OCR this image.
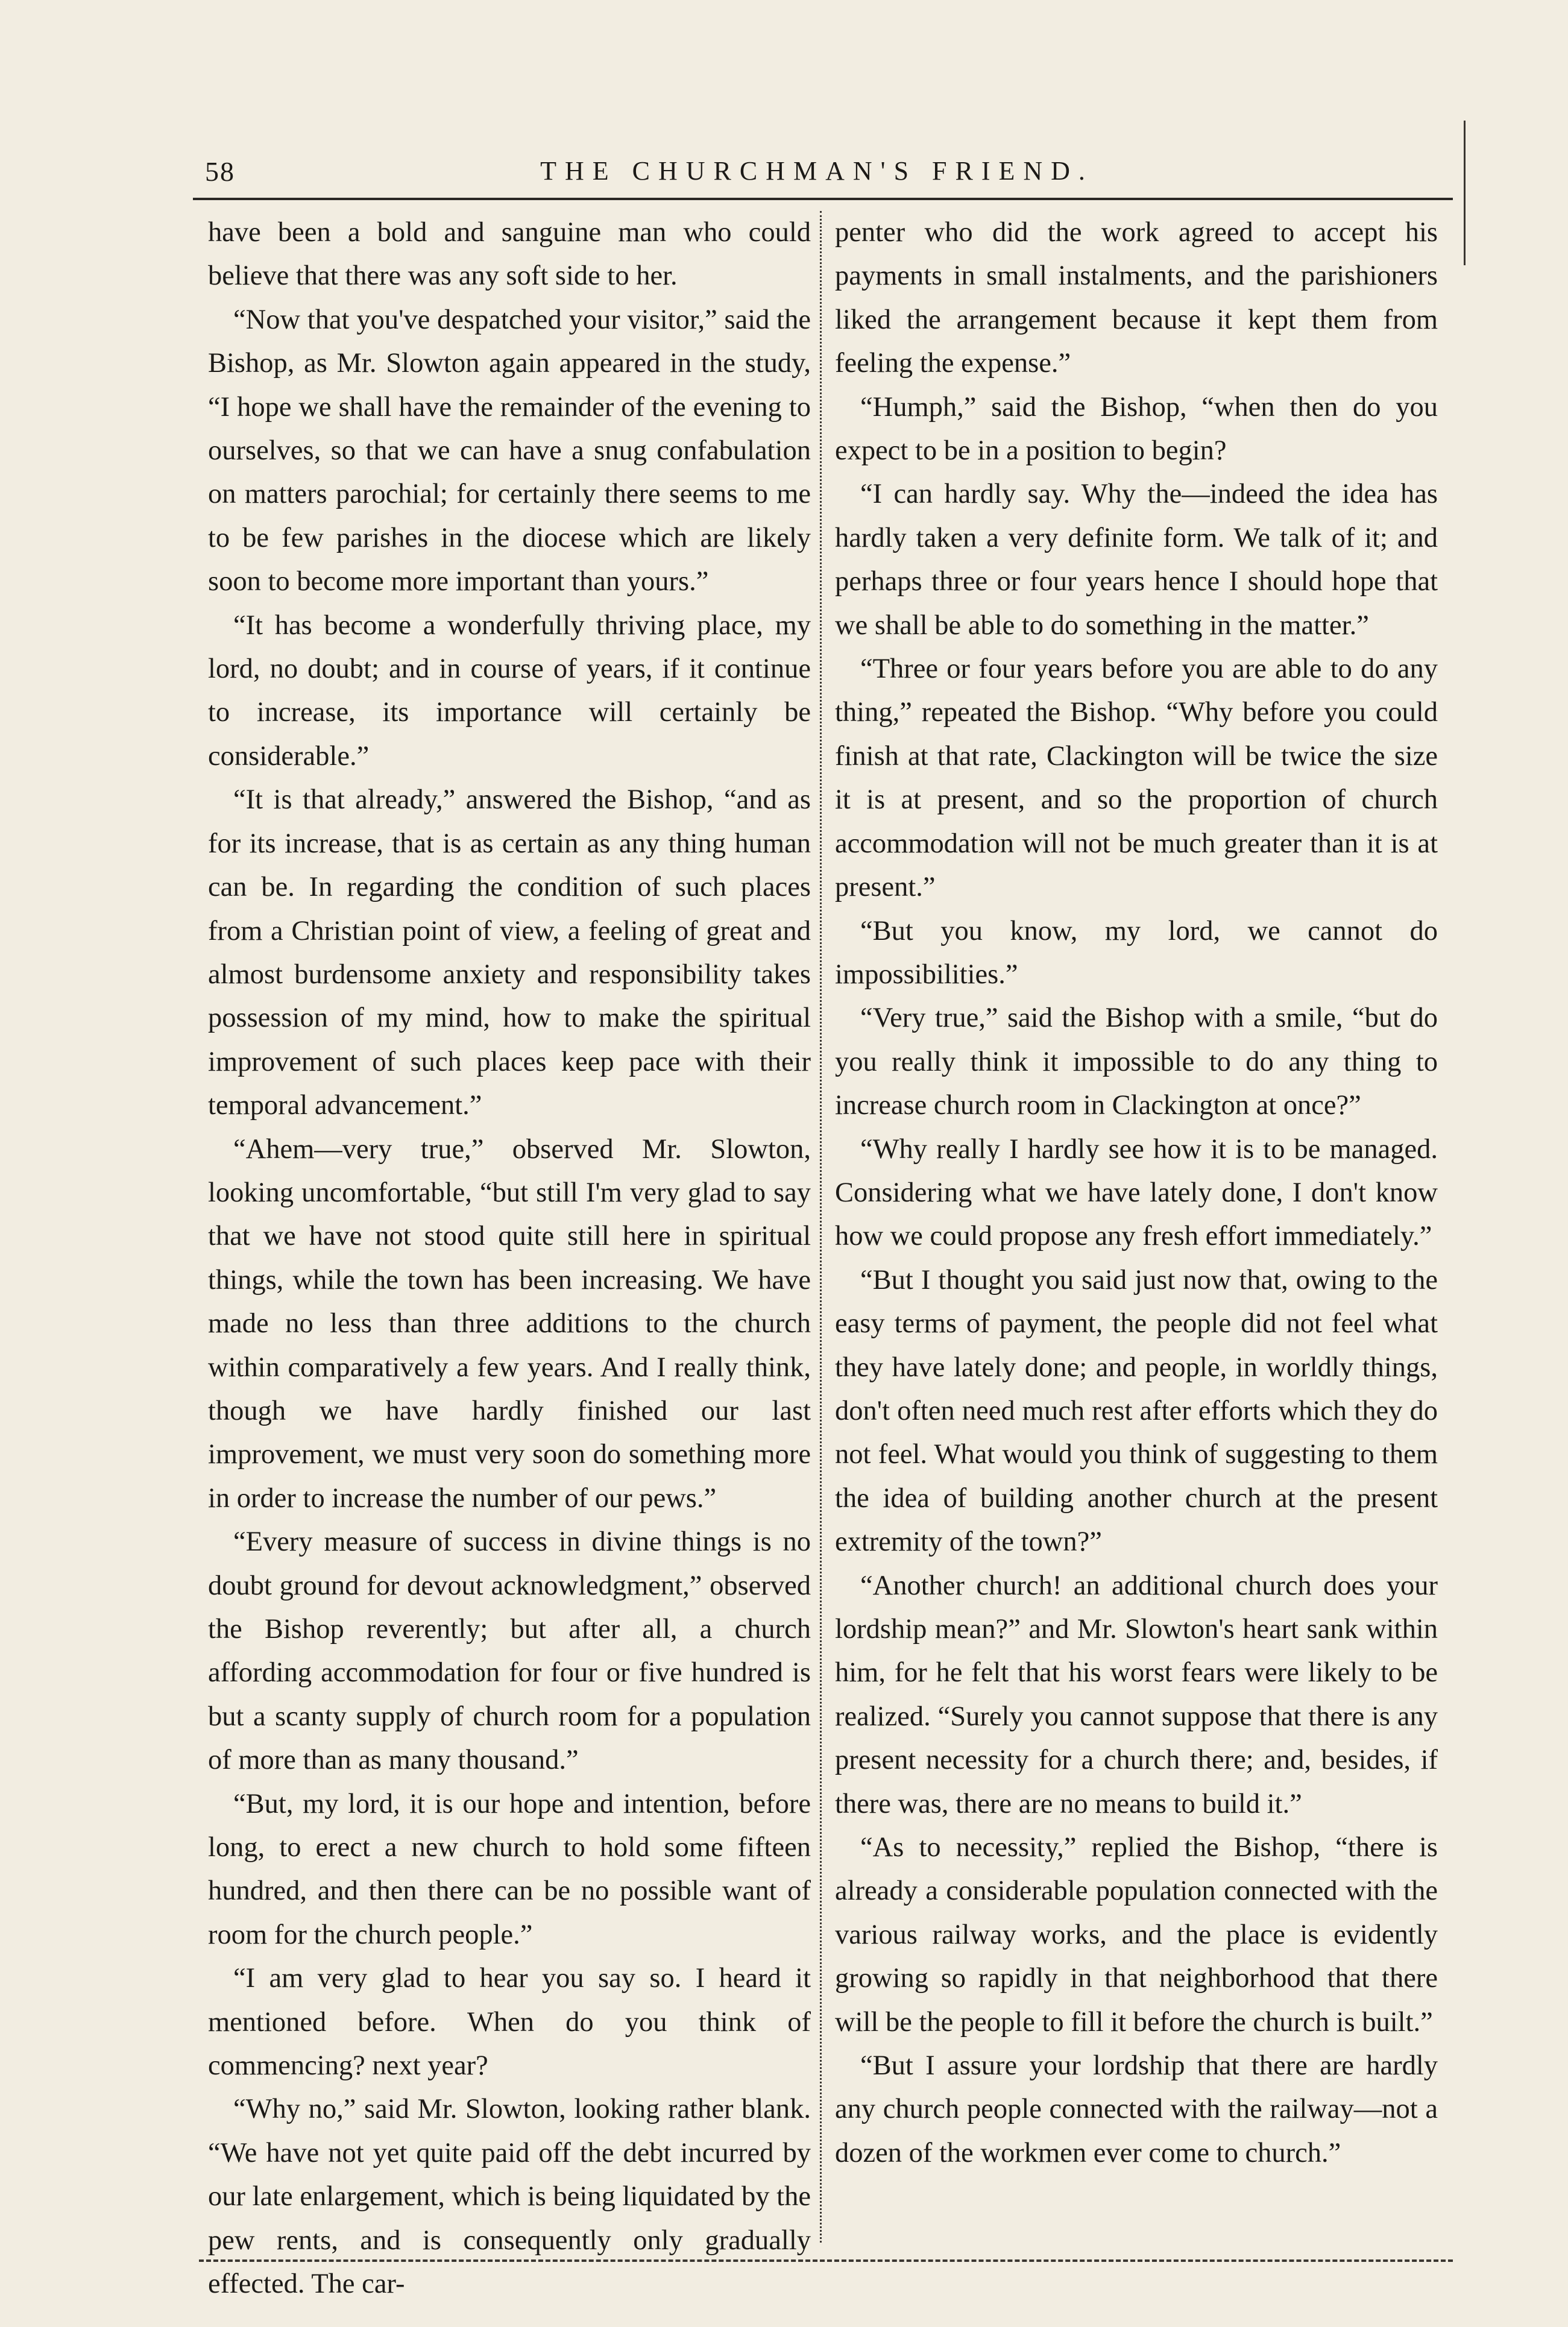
58	THE CHURCHMAN'S FRIEND.

have been a bold and sanguine man who could believe that there was any soft side to her.

“Now that you've despatched your visitor,” said the Bishop, as Mr. Slowton again appeared in the study, “I hope we shall have the remainder of the evening to ourselves, so that we can have a snug confabulation on matters parochial; for certainly there seems to me to be few parishes in the diocese which are likely soon to become more important than yours.”

“It has become a wonderfully thriving place, my lord, no doubt; and in course of years, if it continue to increase, its importance will certainly be considerable.”

“It is that already,” answered the Bishop, “and as for its increase, that is as certain as any thing human can be. In regarding the condition of such places from a Christian point of view, a feeling of great and almost burdensome anxiety and responsibility takes possession of my mind, how to make the spiritual improvement of such places keep pace with their temporal advancement.”

“Ahem—very true,” observed Mr. Slowton, looking uncomfortable, “but still I'm very glad to say that we have not stood quite still here in spiritual things, while the town has been increasing. We have made no less than three additions to the church within comparatively a few years. And I really think, though we have hardly finished our last improvement, we must very soon do something more in order to increase the number of our pews.”

“Every measure of success in divine things is no doubt ground for devout acknowledgment,” observed the Bishop reverently; but after all, a church affording accommodation for four or five hundred is but a scanty supply of church room for a population of more than as many thousand.”

“But, my lord, it is our hope and intention, before long, to erect a new church to hold some fifteen hundred, and then there can be no possible want of room for the church people.”

“I am very glad to hear you say so. I heard it mentioned before. When do you think of commencing? next year?

“Why no,” said Mr. Slowton, looking rather blank. “We have not yet quite paid off the debt incurred by our late enlargement, which is being liquidated by the pew rents, and is consequently only gradually effected. The car-

penter who did the work agreed to accept his payments in small instalments, and the parishioners liked the arrangement because it kept them from feeling the expense.”

“Humph,” said the Bishop, “when then do you expect to be in a position to begin?

“I can hardly say. Why the—indeed the idea has hardly taken a very definite form. We talk of it; and perhaps three or four years hence I should hope that we shall be able to do something in the matter.”

“Three or four years before you are able to do any thing,” repeated the Bishop. “Why before you could finish at that rate, Clackington will be twice the size it is at present, and so the proportion of church accommodation will not be much greater than it is at present.”

“But you know, my lord, we cannot do impossibilities.”

“Very true,” said the Bishop with a smile, “but do you really think it impossible to do any thing to increase church room in Clackington at once?”

“Why really I hardly see how it is to be managed. Considering what we have lately done, I don't know how we could propose any fresh effort immediately.”

“But I thought you said just now that, owing to the easy terms of payment, the people did not feel what they have lately done; and people, in worldly things, don't often need much rest after efforts which they do not feel. What would you think of suggesting to them the idea of building another church at the present extremity of the town?”

“Another church! an additional church does your lordship mean?” and Mr. Slowton's heart sank within him, for he felt that his worst fears were likely to be realized. “Surely you cannot suppose that there is any present necessity for a church there; and, besides, if there was, there are no means to build it.”

“As to necessity,” replied the Bishop, “there is already a considerable population connected with the various railway works, and the place is evidently growing so rapidly in that neighborhood that there will be the people to fill it before the church is built.”

“But I assure your lordship that there are hardly any church people connected with the railway—not a dozen of the workmen ever come to church.”
